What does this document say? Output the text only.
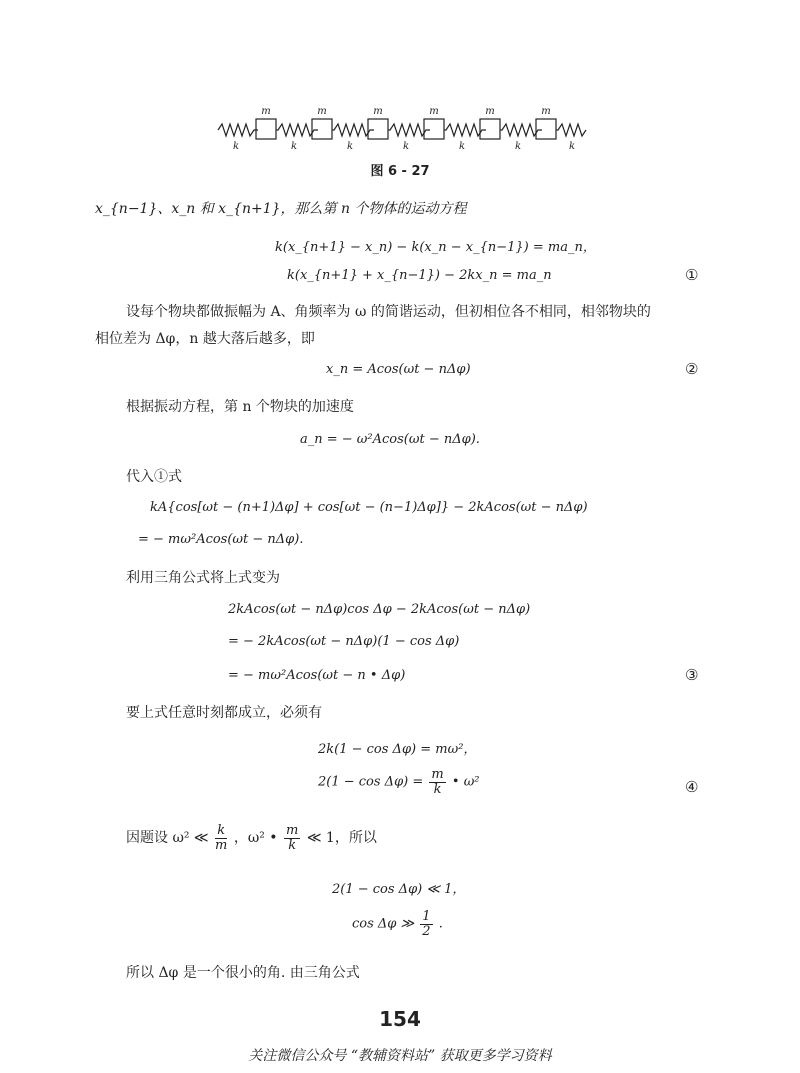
m	m	m	m	m	m
k	k	k	k	k	k	k
图 6 - 27
x_{n−1}、x_n 和 x_{n+1}，那么第 n 个物体的运动方程
k(x_{n+1} − x_n) − k(x_n − x_{n−1}) = ma_n，
k(x_{n+1} + x_{n−1}) − 2kx_n = ma_n	①
设每个物块都做振幅为 A、角频率为 ω 的简谐运动，但初相位各不相同，相邻物块的
相位差为 Δφ，n 越大落后越多，即
x_n = Acos(ωt − nΔφ)	②
根据振动方程，第 n 个物块的加速度
a_n = − ω²Acos(ωt − nΔφ).
代入①式
kA{cos[ωt − (n+1)Δφ] + cos[ωt − (n−1)Δφ]} − 2kAcos(ωt − nΔφ)
= − mω²Acos(ωt − nΔφ).
利用三角公式将上式变为
2kAcos(ωt − nΔφ)cos Δφ − 2kAcos(ωt − nΔφ)
= − 2kAcos(ωt − nΔφ)(1 − cos Δφ)
= − mω²Acos(ωt − n • Δφ)	③
要上式任意时刻都成立，必须有
2k(1 − cos Δφ) = mω²，
$2(1 - \cos \Delta\varphi) = \frac{m}{k}$ • ω²	④
因题设 ω² ≪ $\frac{k}{m}$ ，ω² • $\frac{m}{k}$ ≪ 1，所以
2(1 − cos Δφ) ≪ 1，
cos Δφ ≫ $\frac{1}{2}$ .
所以 Δφ 是一个很小的角. 由三角公式
154
关注微信公众号 “教辅资料站” 获取更多学习资料
